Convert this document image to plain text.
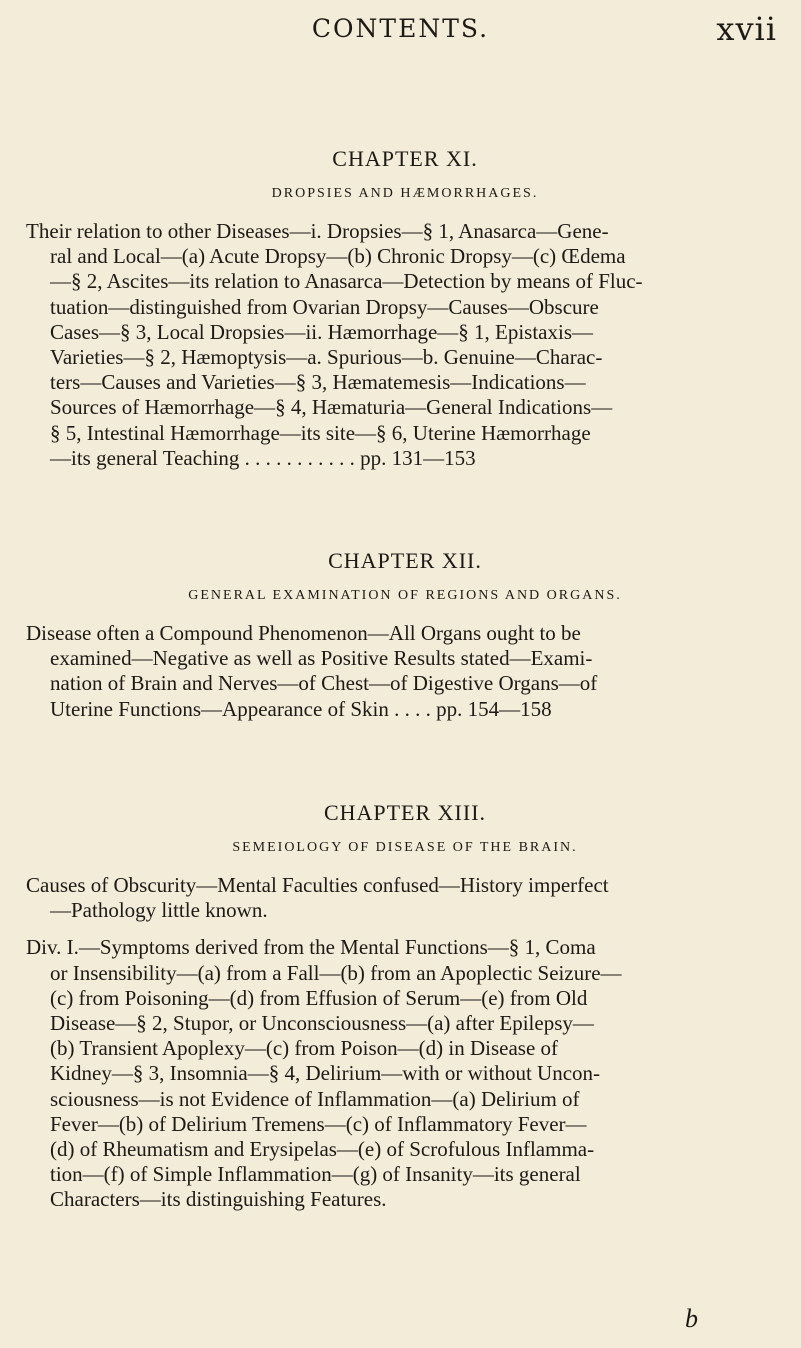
CONTENTS.	xvii
CHAPTER XI.
DROPSIES AND HÆMORRHAGES.
Their relation to other Diseases—i. Dropsies—§ 1, Anasarca—Gene-
ral and Local—(a) Acute Dropsy—(b) Chronic Dropsy—(c) Œdema
—§ 2, Ascites—its relation to Anasarca—Detection by means of Fluc-
tuation—distinguished from Ovarian Dropsy—Causes—Obscure
Cases—§ 3, Local Dropsies—ii. Hæmorrhage—§ 1, Epistaxis—
Varieties—§ 2, Hæmoptysis—a. Spurious—b. Genuine—Charac-
ters—Causes and Varieties—§ 3, Hæmatemesis—Indications—
Sources of Hæmorrhage—§ 4, Hæmaturia—General Indications—
§ 5, Intestinal Hæmorrhage—its site—§ 6, Uterine Hæmorrhage
—its general Teaching . . . . . . . . . . . pp. 131—153
CHAPTER XII.
GENERAL EXAMINATION OF REGIONS AND ORGANS.
Disease often a Compound Phenomenon—All Organs ought to be
examined—Negative as well as Positive Results stated—Exami-
nation of Brain and Nerves—of Chest—of Digestive Organs—of
Uterine Functions—Appearance of Skin . . . . pp. 154—158
CHAPTER XIII.
SEMEIOLOGY OF DISEASE OF THE BRAIN.
Causes of Obscurity—Mental Faculties confused—History imperfect
—Pathology little known.
Div. I.—Symptoms derived from the Mental Functions—§ 1, Coma
or Insensibility—(a) from a Fall—(b) from an Apoplectic Seizure—
(c) from Poisoning—(d) from Effusion of Serum—(e) from Old
Disease—§ 2, Stupor, or Unconsciousness—(a) after Epilepsy—
(b) Transient Apoplexy—(c) from Poison—(d) in Disease of
Kidney—§ 3, Insomnia—§ 4, Delirium—with or without Uncon-
sciousness—is not Evidence of Inflammation—(a) Delirium of
Fever—(b) of Delirium Tremens—(c) of Inflammatory Fever—
(d) of Rheumatism and Erysipelas—(e) of Scrofulous Inflamma-
tion—(f) of Simple Inflammation—(g) of Insanity—its general
Characters—its distinguishing Features.
b
